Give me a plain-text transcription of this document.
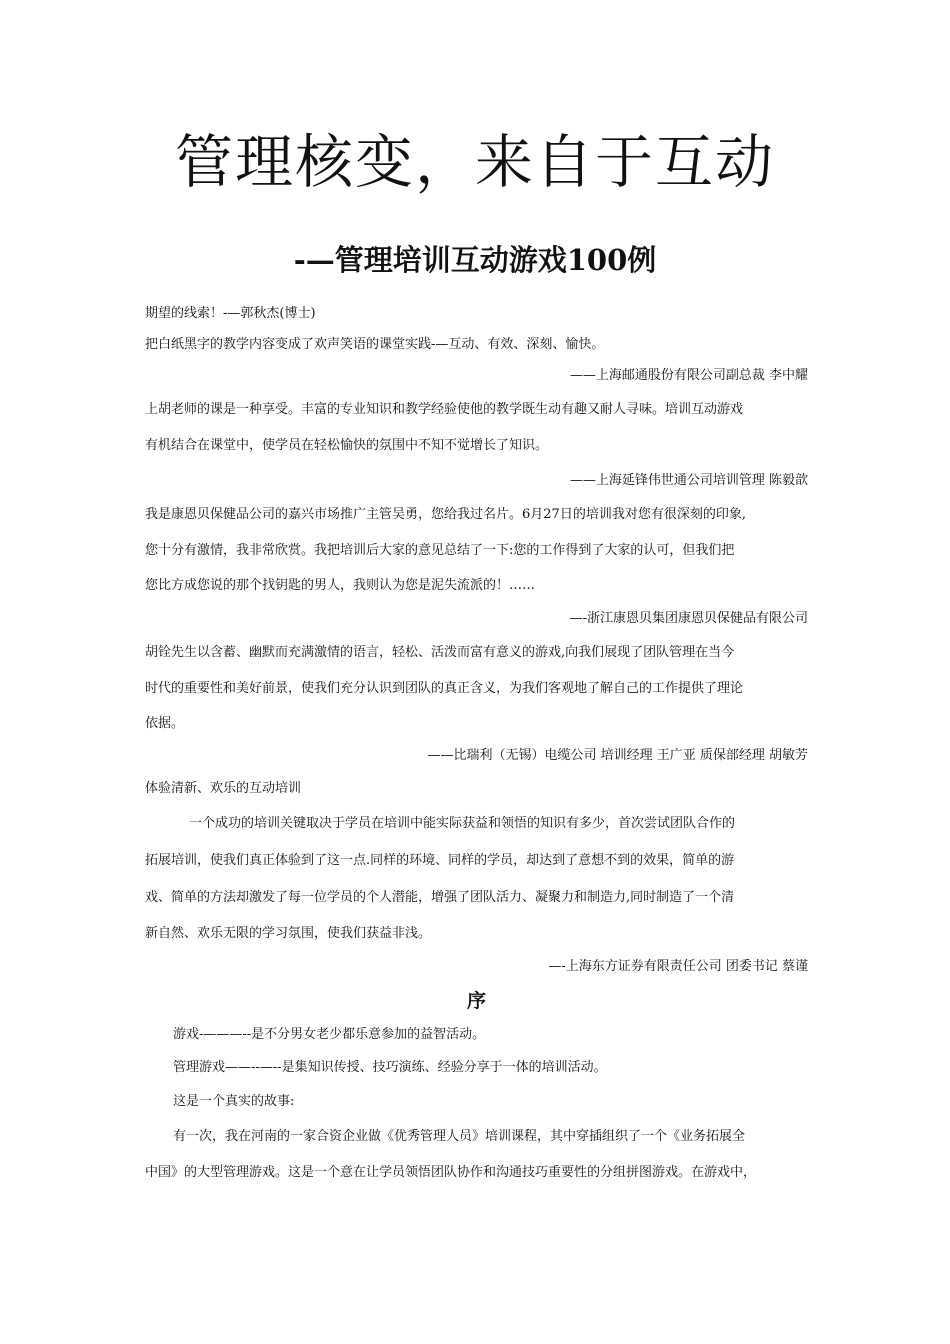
管理核变，来自于互动
-—管理培训互动游戏100例
期望的线索！-—郭秋杰(博士)
把白纸黑字的教学内容变成了欢声笑语的课堂实践-—互动、有效、深刻、愉快。
——上海邮通股份有限公司副总裁 李中耀
上胡老师的课是一种享受。丰富的专业知识和教学经验使他的教学既生动有趣又耐人寻味。培训互动游戏
有机结合在课堂中，使学员在轻松愉快的氛围中不知不觉增长了知识。
——上海延锋伟世通公司培训管理 陈毅歆
我是康恩贝保健品公司的嘉兴市场推广主管吴勇，您给我过名片。6月27日的培训我对您有很深刻的印象,
您十分有激情，我非常欣赏。我把培训后大家的意见总结了一下:您的工作得到了大家的认可，但我们把
您比方成您说的那个找钥匙的男人，我则认为您是泥失流派的！……
—-浙江康恩贝集团康恩贝保健品有限公司
胡铨先生以含蓄、幽默而充满激情的语言，轻松、活泼而富有意义的游戏,向我们展现了团队管理在当今
时代的重要性和美好前景，使我们充分认识到团队的真正含义，为我们客观地了解自己的工作提供了理论
依据。
——比瑞利（无锡）电缆公司 培训经理 王广亚 质保部经理 胡敏芳
体验清新、欢乐的互动培训
一个成功的培训关键取决于学员在培训中能实际获益和领悟的知识有多少，首次尝试团队合作的
拓展培训，使我们真正体验到了这一点.同样的环境、同样的学员，却达到了意想不到的效果，简单的游
戏、简单的方法却激发了每一位学员的个人潜能，增强了团队活力、凝聚力和制造力,同时制造了一个清
新自然、欢乐无限的学习氛围，使我们获益非浅。
—-上海东方证券有限责任公司 团委书记 蔡谨
序
游戏-———--是不分男女老少都乐意参加的益智活动。
管理游戏——--—--是集知识传授、技巧演练、经验分享于一体的培训活动。
这是一个真实的故事:
有一次，我在河南的一家合资企业做《优秀管理人员》培训课程，其中穿插组织了一个《业务拓展全
中国》的大型管理游戏。这是一个意在让学员领悟团队协作和沟通技巧重要性的分组拼图游戏。在游戏中，
